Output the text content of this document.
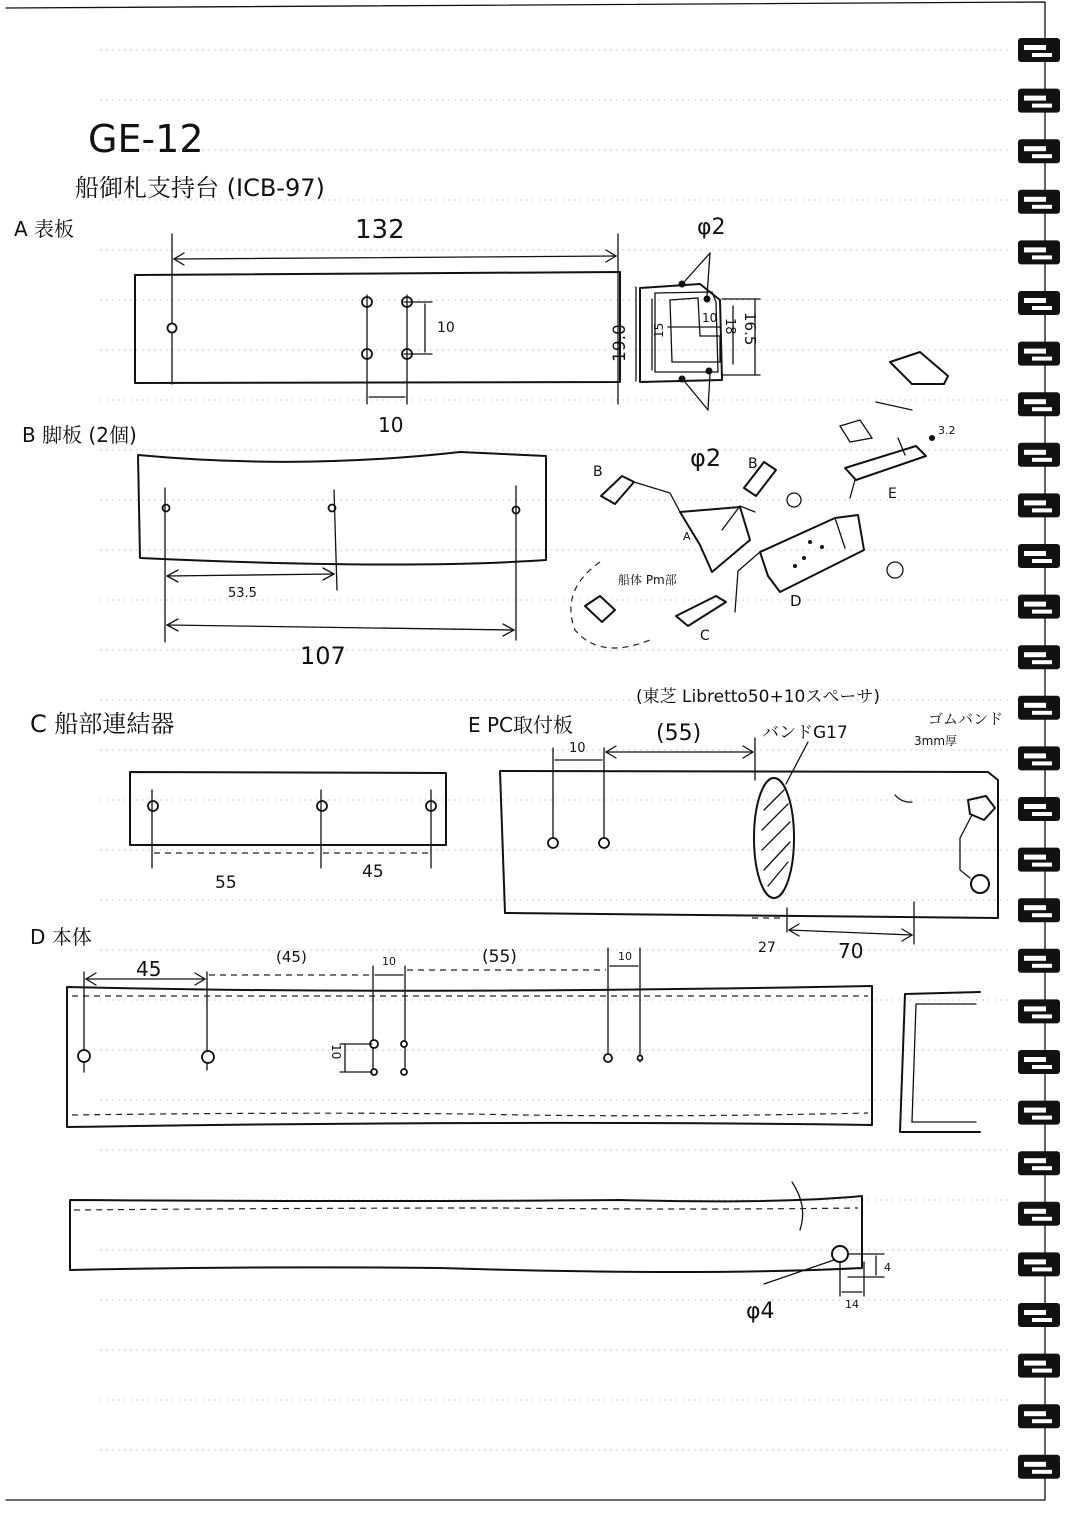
GE-12
船御札支持台 (ICB-97)
A 表板	132
10
10
φ2
φ2
19.0 15
10 18 16.5
B 脚板 (2個)
53.5
107
B	B
A
D
C
3.2
E
船体 Pm部
C 船部連結器
55
45
E PC取付板
(東芝 Libretto50+10スペーサ)
10
(55)	バンドG17
ゴムバンド
3mm厚
27	70
D 本体
45	(45)	10	(55)	10
10
φ4
4
14
